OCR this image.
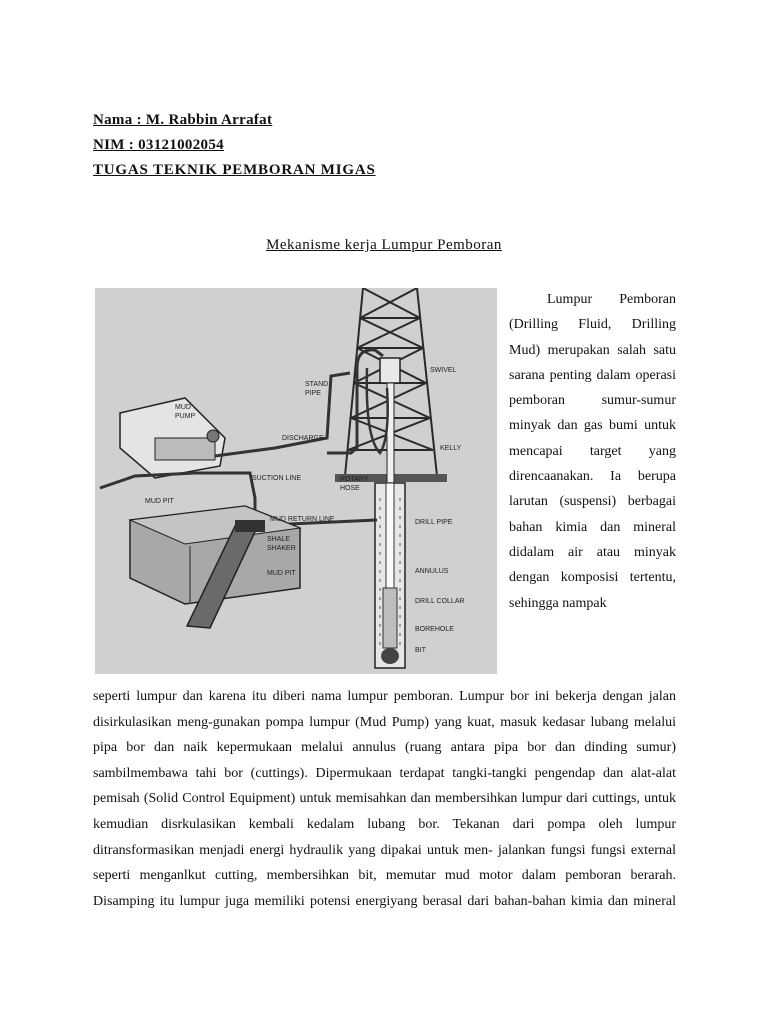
Nama : M. Rabbin Arrafat
NIM : 03121002054
TUGAS TEKNIK PEMBORAN MIGAS
Mekanisme kerja Lumpur Pemboran
MUD
PUMP
STAND
PIPE
SWIVEL
DISCHARGE
KELLY
SUCTION LINE	ROTARY
HOSE
MUD PIT
MUD RETURN LINE	DRILL PIPE
SHALE
SHAKER
MUD PIT	ANNULUS
DRILL COLLAR
BOREHOLE
BIT

Lumpur Pemboran (Drilling Fluid, Drilling Mud) merupakan salah satu sarana penting dalam operasi pemboran sumur-sumur minyak dan gas bumi untuk mencapai target yang direncaanakan. Ia berupa larutan (suspensi) berbagai bahan kimia dan mineral didalam air atau minyak dengan komposisi tertentu, sehingga nampak

seperti lumpur dan karena itu diberi nama lumpur pemboran. Lumpur bor ini bekerja dengan jalan disirkulasikan meng-gunakan pompa lumpur (Mud Pump) yang kuat, masuk kedasar lubang melalui pipa bor dan naik kepermukaan melalui annulus (ruang antara pipa bor dan dinding sumur) sambilmembawa tahi bor (cuttings). Dipermukaan terdapat tangki-tangki pengendap dan alat-alat pemisah (Solid Control Equipment) untuk memisahkan dan membersihkan lumpur dari cuttings, untuk kemudian disrkulasikan kembali kedalam lubang bor. Tekanan dari pompa oleh lumpur ditransformasikan menjadi energi hydraulik yang dipakai untuk men- jalankan fungsi fungsi external seperti menganlkut cutting, membersihkan bit, memutar mud motor dalam pemboran berarah. Disamping itu lumpur juga memiliki potensi energiyang berasal dari bahan-bahan kimia dan mineral
